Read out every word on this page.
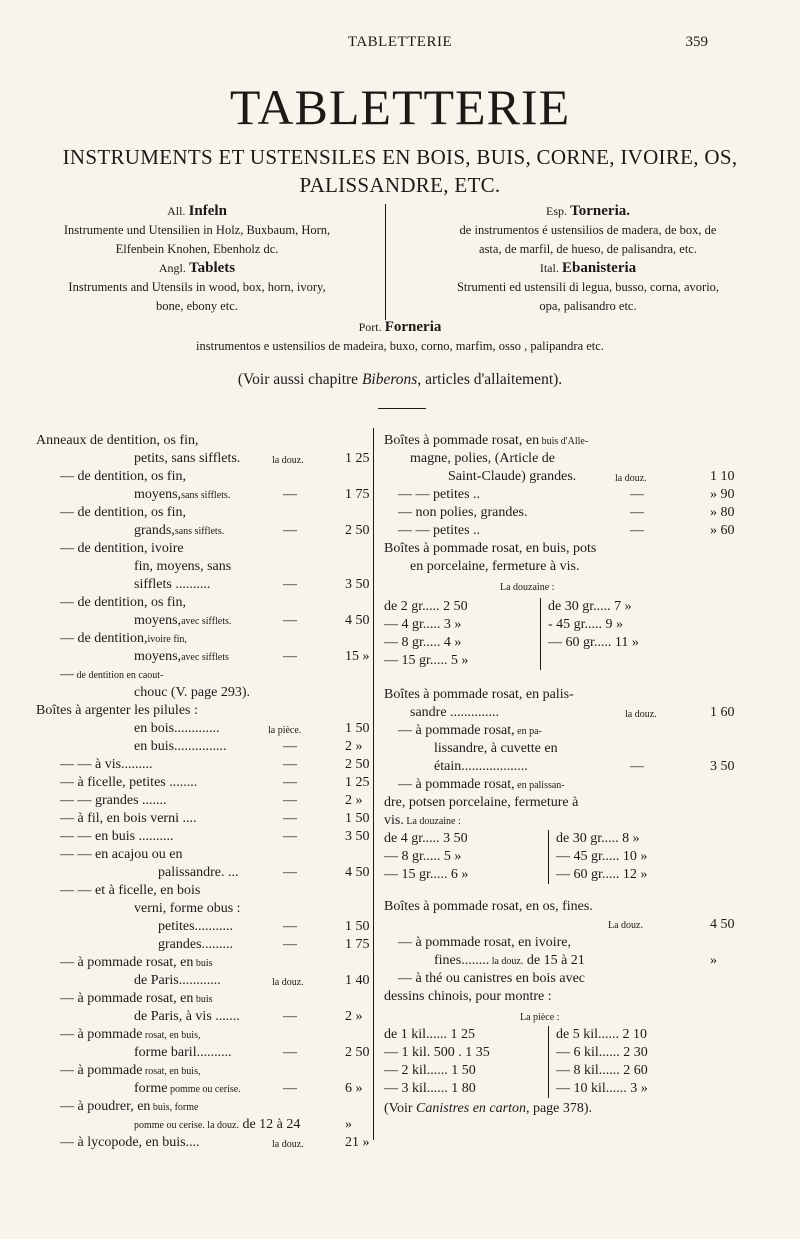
TABLETTERIE	359
TABLETTERIE
INSTRUMENTS ET USTENSILES EN BOIS, BUIS, CORNE, IVOIRE, OS,
PALISSANDRE, ETC.
All. Infeln
Instrumente und Utensilien in Holz, Buxbaum, Horn,
Elfenbein Knohen, Ebenholz dc.
Angl. Tablets
Instruments and Utensils in wood, box, horn, ivory,
bone, ebony etc.
Esp. Torneria.
de instrumentos é ustensilios de madera, de box, de
asta, de marfil, de hueso, de palisandra, etc.
Ital. Ebanisteria
Strumenti ed ustensili di legua, busso, corna, avorio,
opa, palisandro etc.
Port. Forneria
instrumentos e ustensilios de madeira, buxo, corno, marfim, osso , palipandra etc.
(Voir aussi chapitre Biberons, articles d'allaitement).
Anneaux de dentition, os fin,
petits, sans sifflets.	la douz.	1 25
— de dentition, os fin,
moyens,sans sifflets.	—	1 75
— de dentition, os fin,
grands,sans sifflets.	—	2 50
— de dentition, ivoire
fin, moyens, sans
sifflets ..........	—	3 50
— de dentition, os fin,
moyens,avec sifflets.	—	4 50
— de dentition,ivoire fin,
moyens,avec sifflets	—	15 »
— de dentition en caout-
chouc (V. page 293).
Boîtes à argenter les pilules :
en bois.............	la pièce.	1 50
en buis...............	—	2 »
— — à vis.........	—	2 50
— à ficelle, petites ........	—	1 25
— — grandes .......	—	2 »
— à fil, en bois verni ....	—	1 50
— — en buis ..........	—	3 50
— — en acajou ou en
palissandre. ...	—	4 50
— — et à ficelle, en bois
verni, forme obus :
petites...........	—	1 50
grandes.........	—	1 75
— à pommade rosat, en buis
de Paris............	la douz.	1 40
— à pommade rosat, en buis
de Paris, à vis .......	—	2 »
— à pommade rosat, en buis,
forme baril..........	—	2 50
— à pommade rosat, en buis,
forme pomme ou cerise.	—	6 »
— à poudrer, en buis, forme
pomme ou cerise. la douz. de 12 à 24	»
— à lycopode, en buis....	la douz.	21 »
Boîtes à pommade rosat, en buis d'Alle-
magne, polies, (Article de
Saint-Claude) grandes.	la douz.	1 10
— — petites ..	—	» 90
— non polies, grandes.	—	» 80
— — petites ..	—	» 60
Boîtes à pommade rosat, en buis, pots
en porcelaine, fermeture à vis.
La douzaine :
de 2 gr..... 2 50
— 4 gr..... 3 »
— 8 gr..... 4 »
— 15 gr..... 5 »
de 30 gr..... 7 »
- 45 gr..... 9 »
— 60 gr..... 11 »
Boîtes à pommade rosat, en palis-
sandre ..............	la douz.	1 60
— à pommade rosat, en pa-
lissandre, à cuvette en
étain...................	—	3 50
— à pommade rosat, en palissan-
dre, potsen porcelaine, fermeture à
vis. La douzaine :
de 4 gr..... 3 50
— 8 gr..... 5 »
— 15 gr..... 6 »
de 30 gr..... 8 »
— 45 gr..... 10 »
— 60 gr..... 12 »
Boîtes à pommade rosat, en os, fines.
La douz.	4 50
— à pommade rosat, en ivoire,
fines........ la douz. de 15 à 21	»
— à thé ou canistres en bois avec
dessins chinois, pour montre :
La pièce :
de 1 kil...... 1 25
— 1 kil. 500 . 1 35
— 2 kil...... 1 50
— 3 kil...... 1 80
de 5 kil...... 2 10
— 6 kil...... 2 30
— 8 kil...... 2 60
— 10 kil...... 3 »
(Voir Canistres en carton, page 378).
